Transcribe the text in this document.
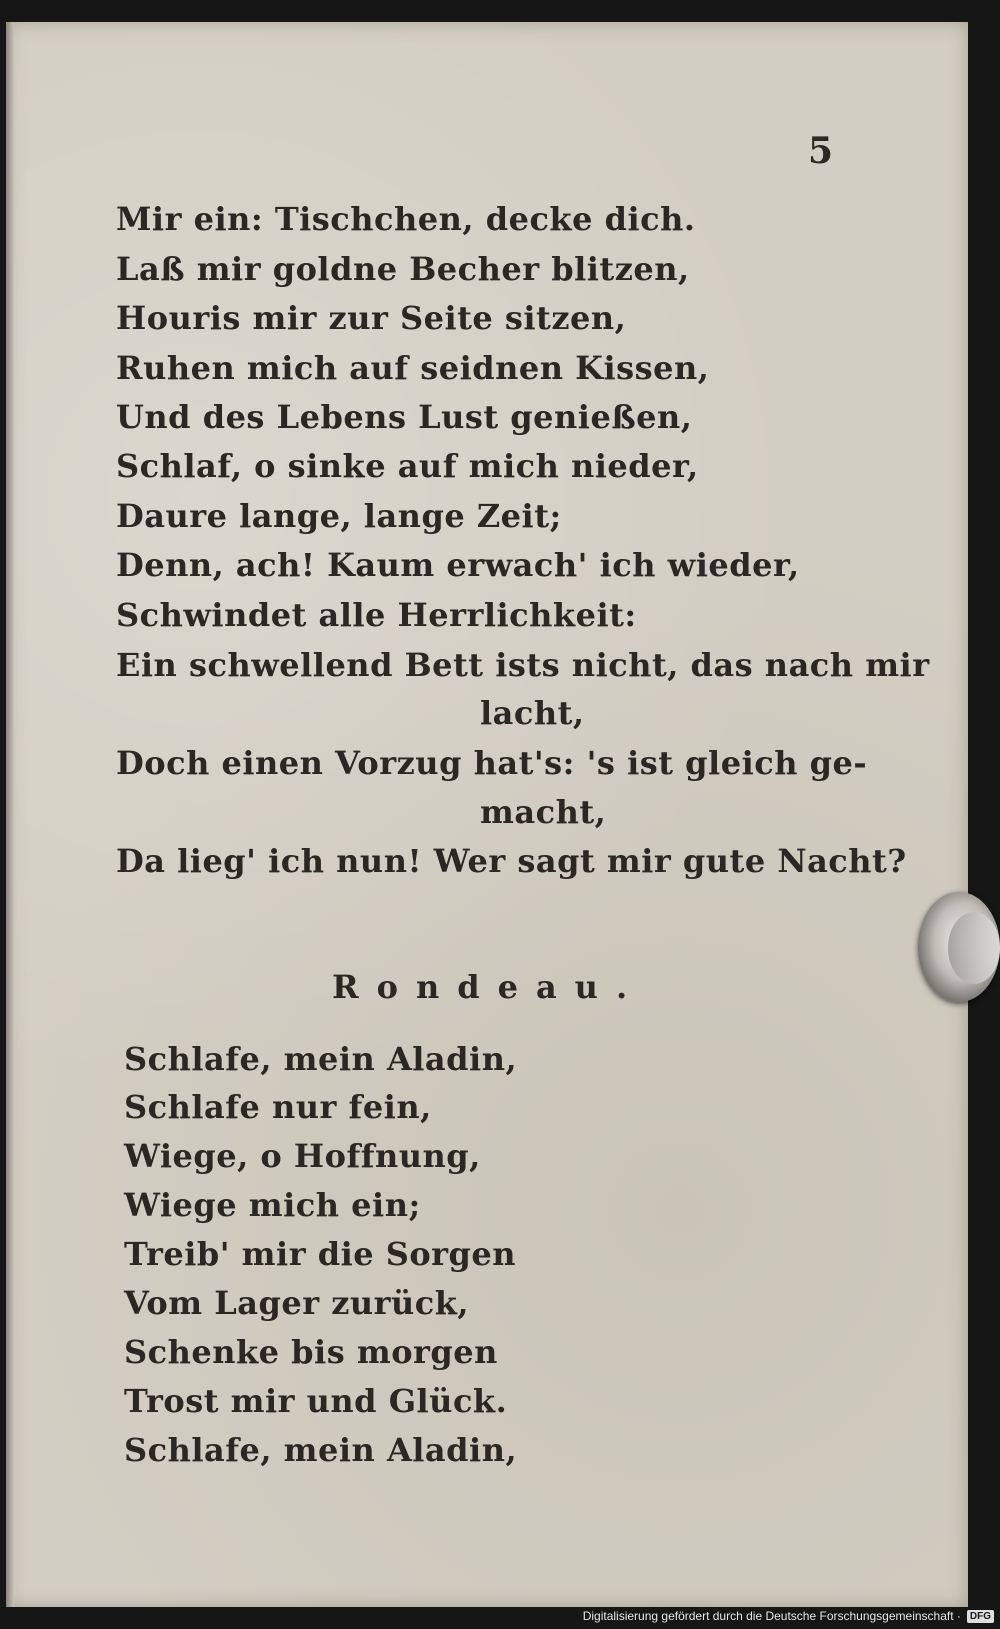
5
Mir ein: Tischchen, decke dich.
Laß mir goldne Becher blitzen,
Houris mir zur Seite sitzen,
Ruhen mich auf seidnen Kissen,
Und des Lebens Lust genießen,
Schlaf, o sinke auf mich nieder,
Daure lange, lange Zeit;
Denn, ach! Kaum erwach' ich wieder,
Schwindet alle Herrlichkeit:
Ein schwellend Bett ists nicht, das nach mir
lacht,
Doch einen Vorzug hat's: 's ist gleich ge-
macht,
Da lieg' ich nun! Wer sagt mir gute Nacht?
Rondeau.
Schlafe, mein Aladin,
Schlafe nur fein,
Wiege, o Hoffnung,
Wiege mich ein;
Treib' mir die Sorgen
Vom Lager zurück,
Schenke bis morgen
Trost mir und Glück.
Schlafe, mein Aladin,
Digitalisierung gefördert durch die Deutsche Forschungsgemeinschaft · DFG
